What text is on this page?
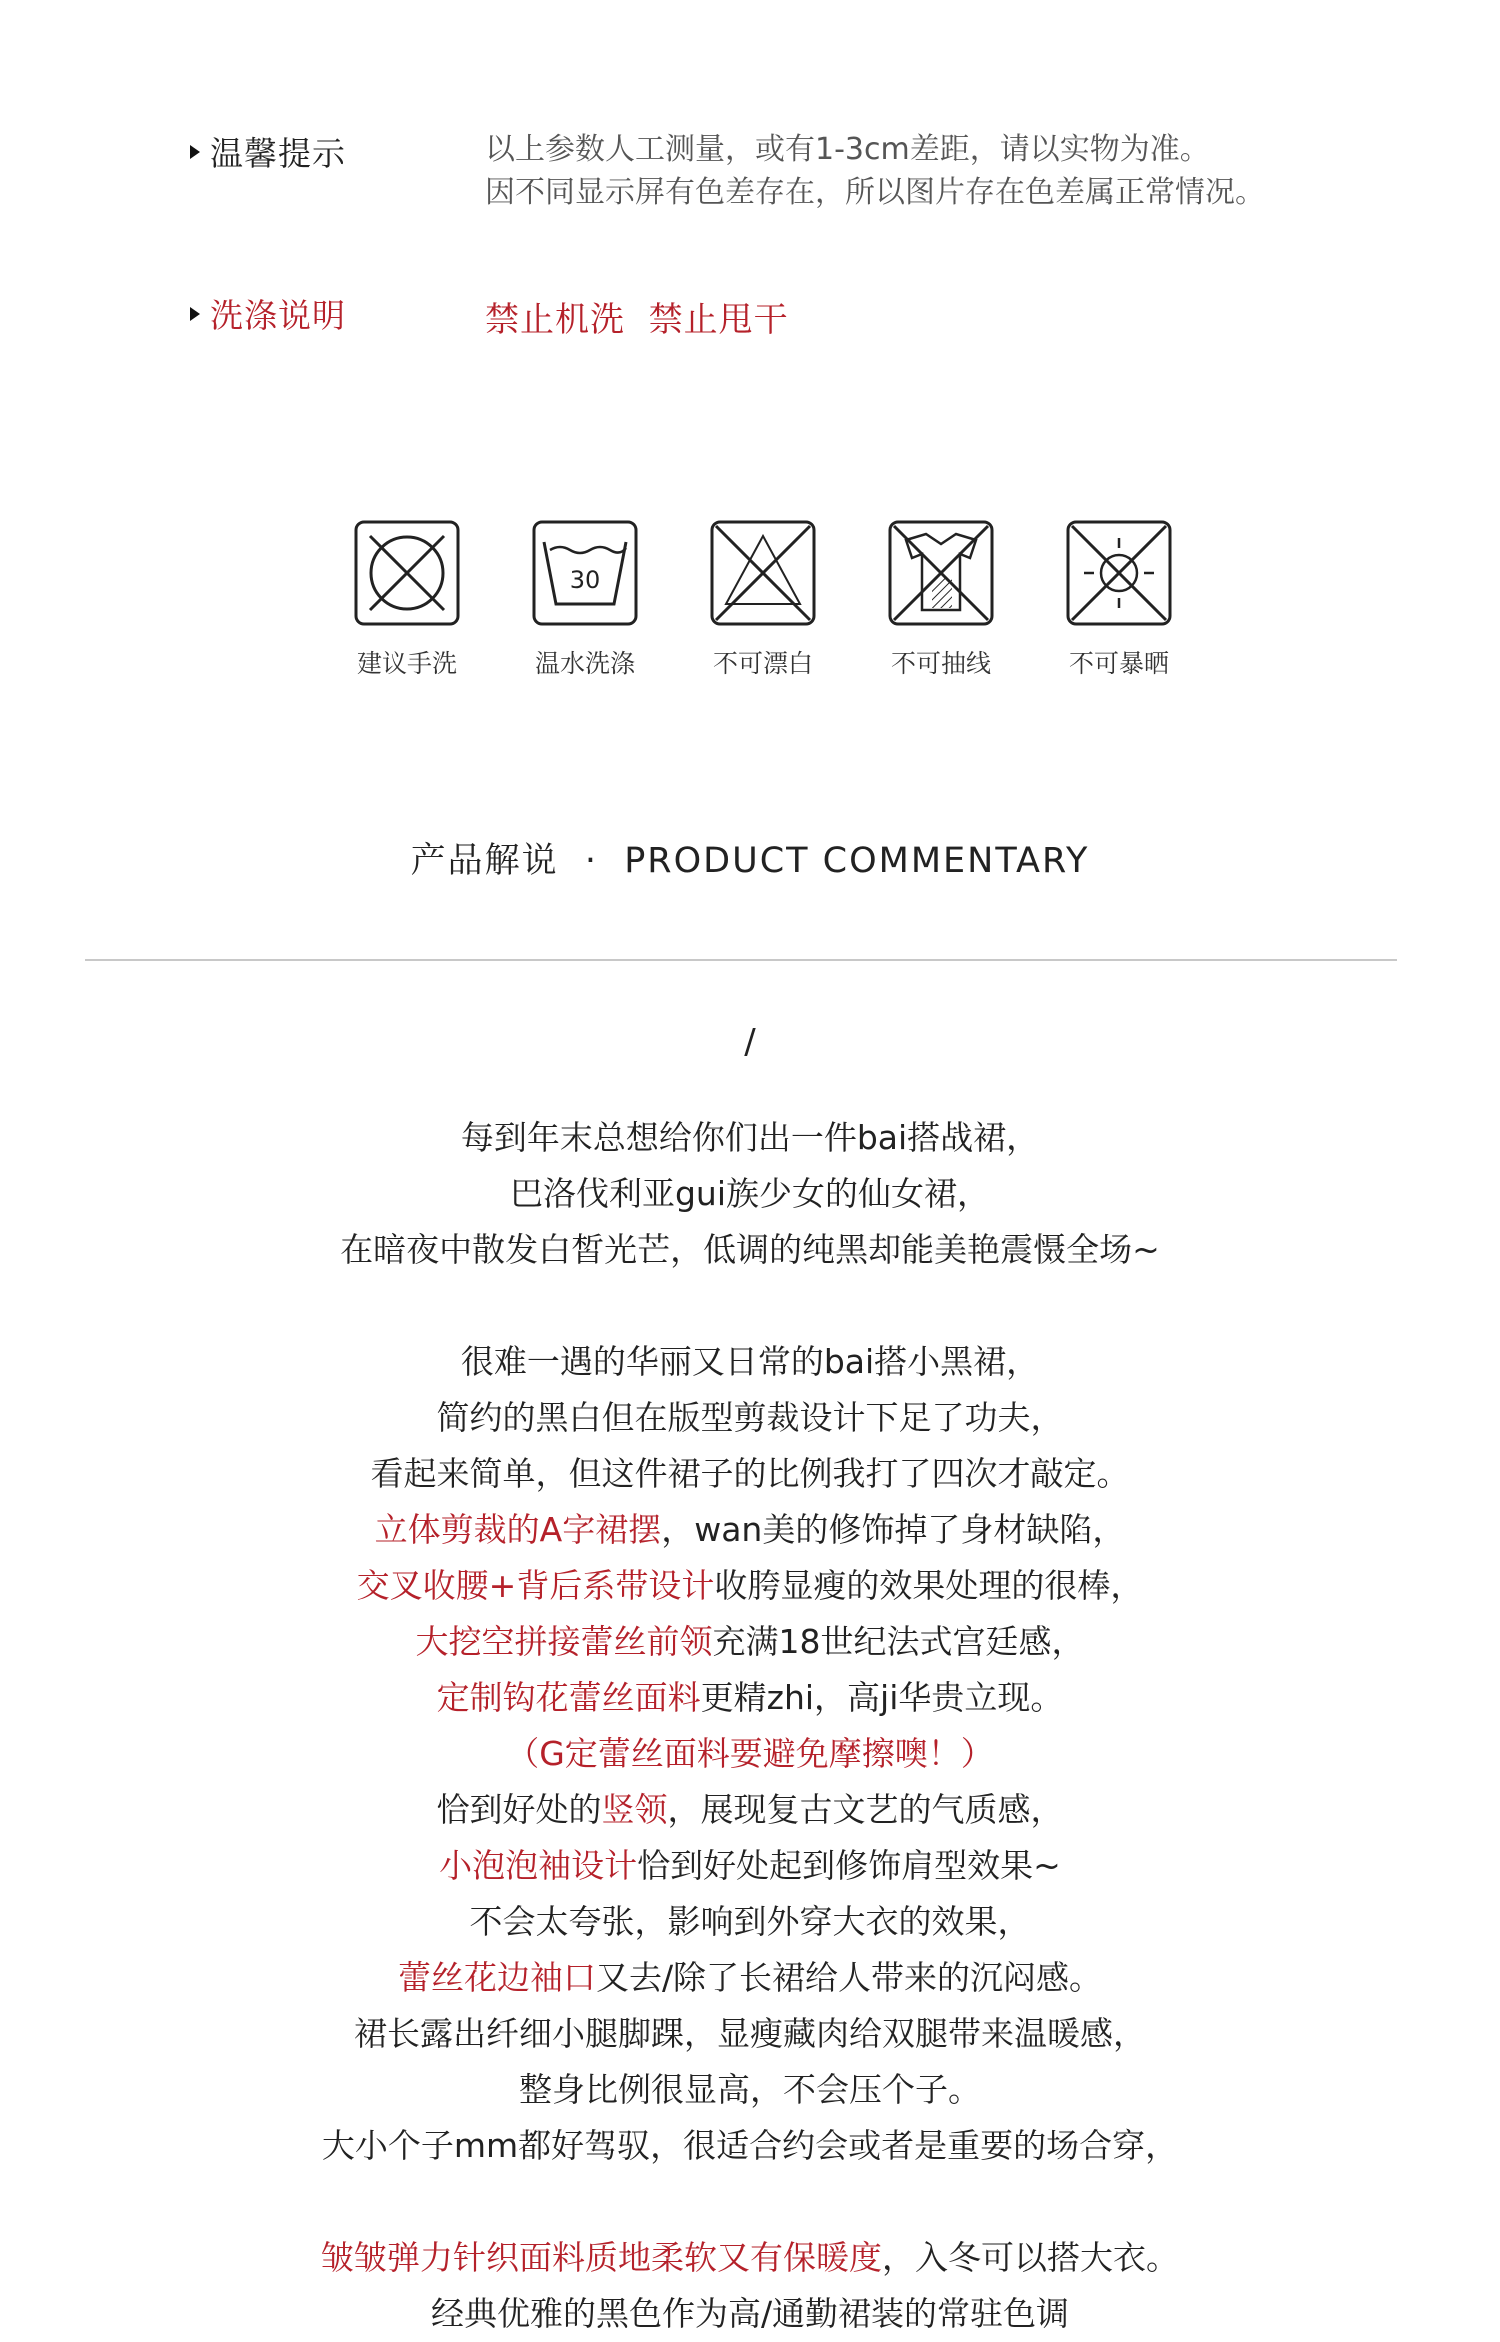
温馨提示	以上参数人工测量，或有1-3cm差距，请以实物为准。
因不同显示屏有色差存在，所以图片存在色差属正常情况。
洗涤说明	禁止机洗  禁止甩干
建议手洗
30
温水洗涤	不可漂白	不可抽线	不可暴晒
产品解说  ·  PRODUCT COMMENTARY
/
每到年末总想给你们出一件bai搭战裙，
巴洛伐利亚gui族少女的仙女裙，
在暗夜中散发白皙光芒，低调的纯黑却能美艳震慑全场~
很难一遇的华丽又日常的bai搭小黑裙，
简约的黑白但在版型剪裁设计下足了功夫，
看起来简单，但这件裙子的比例我打了四次才敲定。
立体剪裁的A字裙摆，wan美的修饰掉了身材缺陷，
交叉收腰+背后系带设计收胯显瘦的效果处理的很棒，
大挖空拼接蕾丝前领充满18世纪法式宫廷感，
定制钩花蕾丝面料更精zhi，高ji华贵立现。
（G定蕾丝面料要避免摩擦噢！）
恰到好处的竖领，展现复古文艺的气质感，
小泡泡袖设计恰到好处起到修饰肩型效果~
不会太夸张，影响到外穿大衣的效果，
蕾丝花边袖口又去/除了长裙给人带来的沉闷感。
裙长露出纤细小腿脚踝，显瘦藏肉给双腿带来温暖感，
整身比例很显高，不会压个子。
大小个子mm都好驾驭，很适合约会或者是重要的场合穿，
皱皱弹力针织面料质地柔软又有保暖度，入冬可以搭大衣。
经典优雅的黑色作为高/通勤裙装的常驻色调
